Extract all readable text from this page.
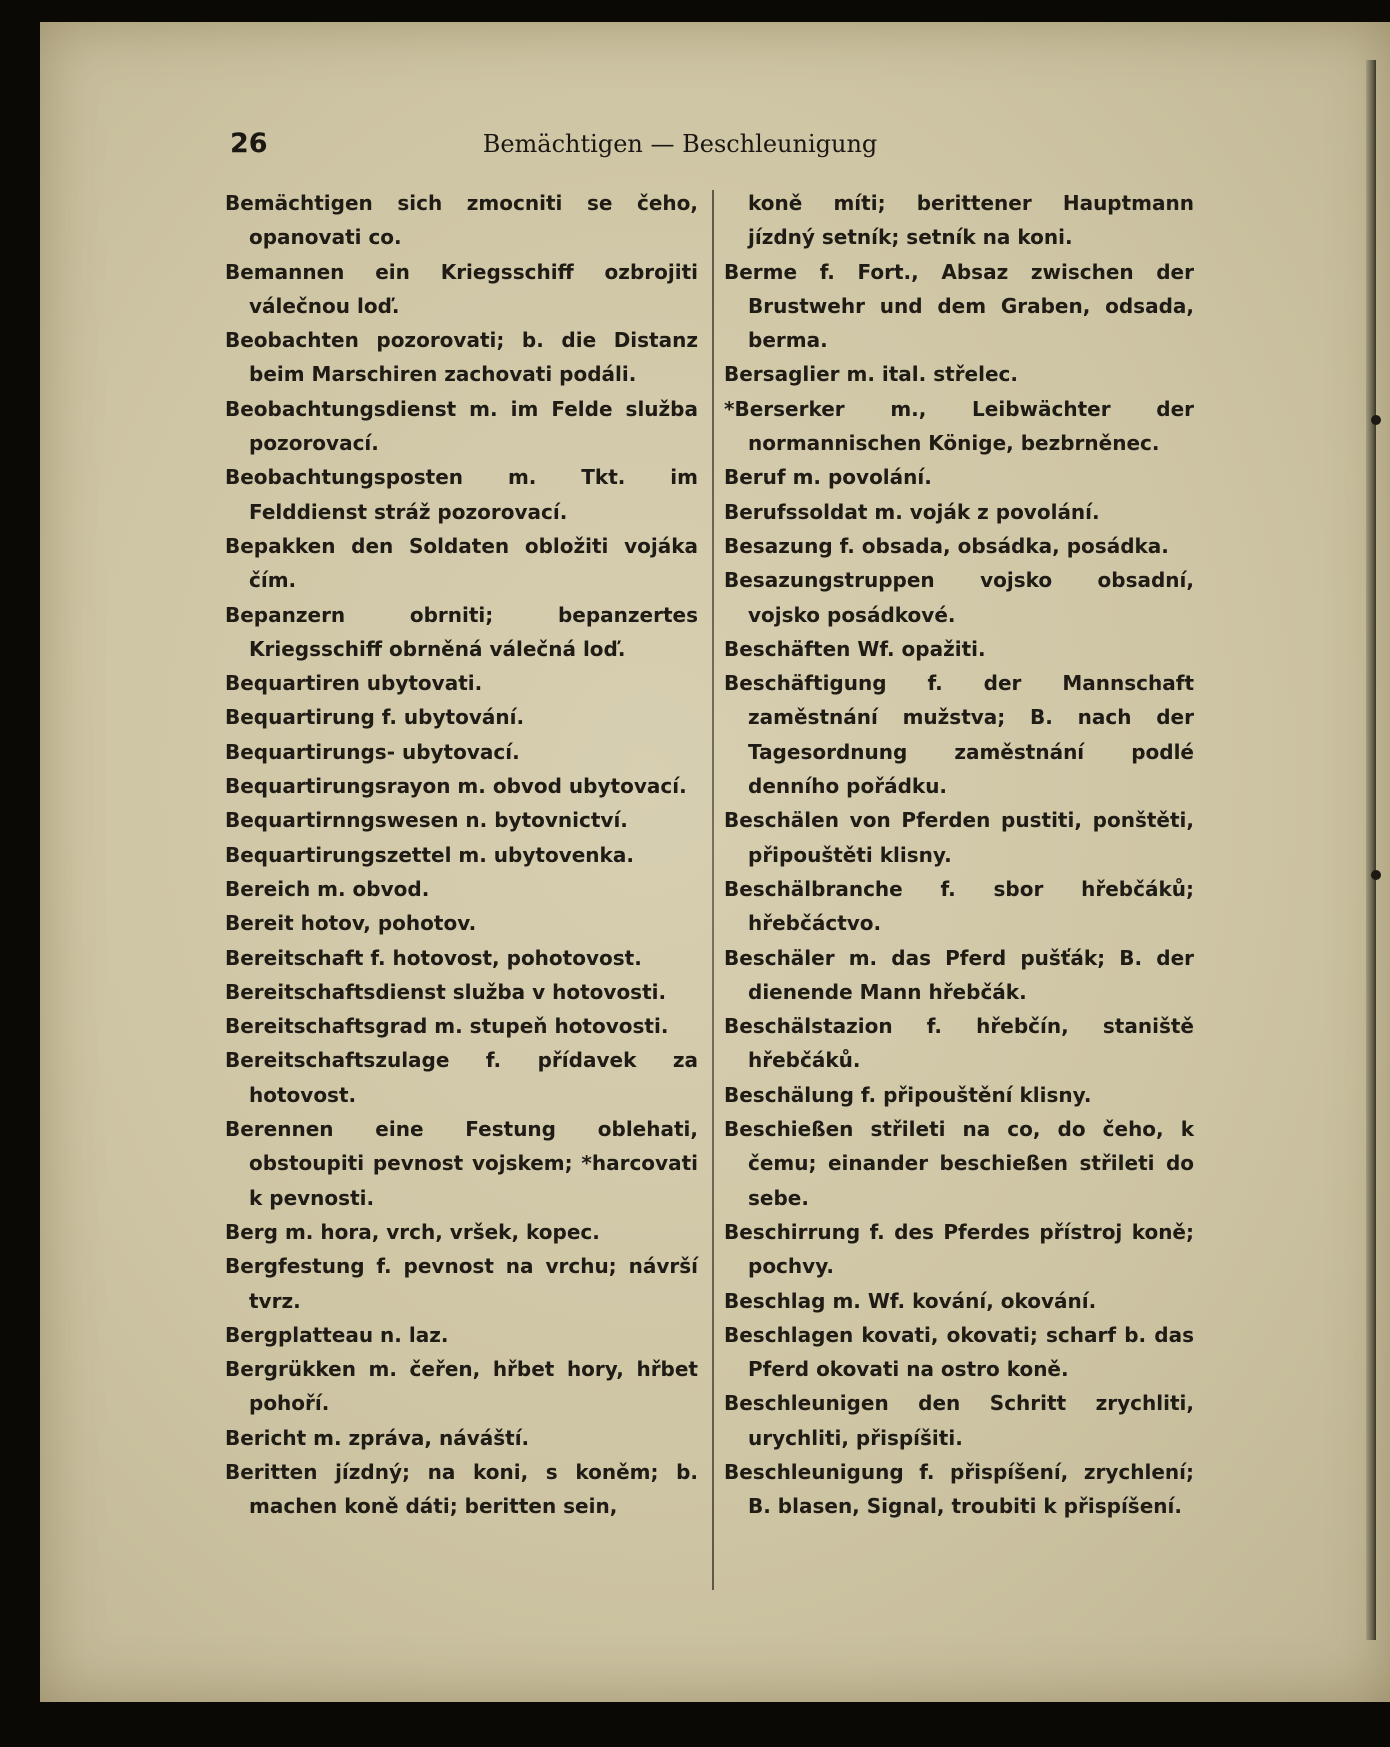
26	Bemächtigen — Beschleunigung

Bemächtigen sich zmocniti se čeho, opanovati co.

Bemannen ein Kriegsschiff ozbrojiti válečnou loď.

Beobachten pozorovati; b. die Distanz beim Marschiren zachovati podáli.

Beobachtungsdienst m. im Felde služba pozorovací.

Beobachtungsposten m. Tkt. im Felddienst stráž pozorovací.

Bepakken den Soldaten obložiti vojáka čím.

Bepanzern obrniti; bepanzertes Kriegsschiff obrněná válečná loď.

Bequartiren ubytovati.

Bequartirung f. ubytování.

Bequartirungs- ubytovací.

Bequartirungsrayon m. obvod ubytovací.

Bequartirnngswesen n. bytovnictví.

Bequartirungszettel m. ubytovenka.

Bereich m. obvod.

Bereit hotov, pohotov.

Bereitschaft f. hotovost, pohotovost.

Bereitschaftsdienst služba v hotovosti.

Bereitschaftsgrad m. stupeň hotovosti.

Bereitschaftszulage f. přídavek za hotovost.

Berennen eine Festung oblehati, obstoupiti pevnost vojskem; *harcovati k pevnosti.

Berg m. hora, vrch, vršek, kopec.

Bergfestung f. pevnost na vrchu; návrší tvrz.

Bergplatteau n. laz.

Bergrükken m. čeřen, hřbet hory, hřbet pohoří.

Bericht m. zpráva, náváští.

Beritten jízdný; na koni, s koněm; b. machen koně dáti; beritten sein,

koně míti; berittener Hauptmann jízdný setník; setník na koni.

Berme f. Fort., Absaz zwischen der Brustwehr und dem Graben, odsada, berma.

Bersaglier m. ital. střelec.

*Berserker m., Leibwächter der normannischen Könige, bezbrněnec.

Beruf m. povolání.

Berufssoldat m. voják z povolání.

Besazung f. obsada, obsádka, posádka.

Besazungstruppen vojsko obsadní, vojsko posádkové.

Beschäften Wf. opažiti.

Beschäftigung f. der Mannschaft zaměstnání mužstva; B. nach der Tagesordnung zaměstnání podlé denního pořádku.

Beschälen von Pferden pustiti, ponštěti, připouštěti klisny.

Beschälbranche f. sbor hřebčáků; hřebčáctvo.

Beschäler m. das Pferd pušťák; B. der dienende Mann hřebčák.

Beschälstazion f. hřebčín, staniště hřebčáků.

Beschälung f. připouštění klisny.

Beschießen střileti na co, do čeho, k čemu; einander beschießen střileti do sebe.

Beschirrung f. des Pferdes přístroj koně; pochvy.

Beschlag m. Wf. kování, okování.

Beschlagen kovati, okovati; scharf b. das Pferd okovati na ostro koně.

Beschleunigen den Schritt zrychliti, urychliti, přispíšiti.

Beschleunigung f. přispíšení, zrychlení; B. blasen, Signal, troubiti k přispíšení.
